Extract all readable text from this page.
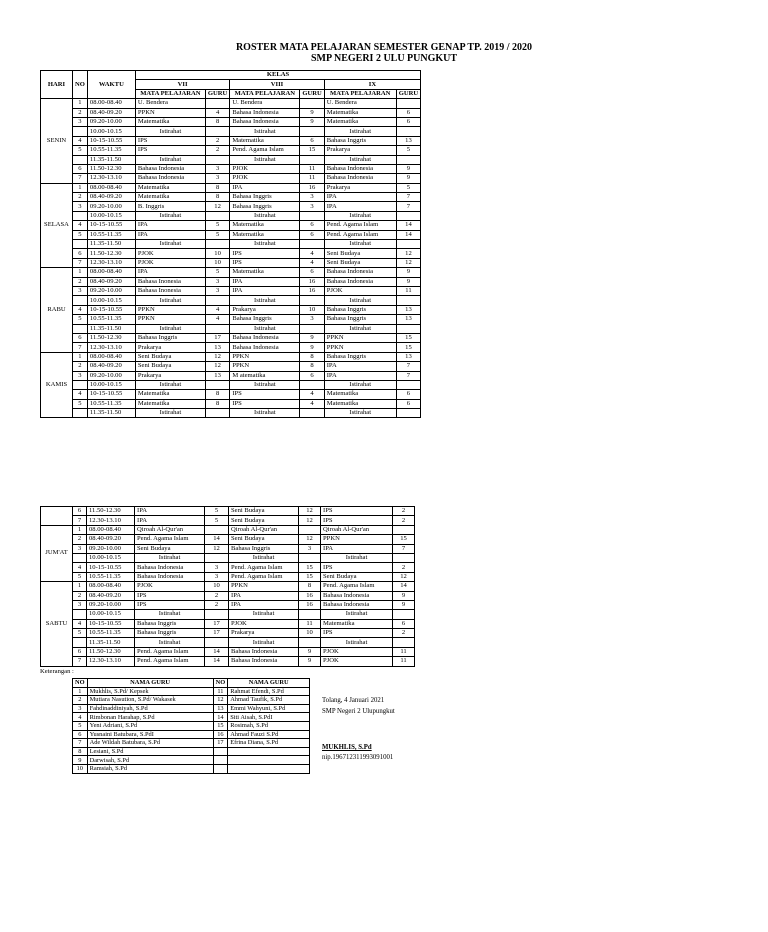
ROSTER MATA PELAJARAN SEMESTER GENAP TP. 2019 / 2020
SMP NEGERI 2 ULU PUNGKUT
HARI	NO	WAKTU	KELAS					
			VII		VIII		IX	
			MATA PELAJARAN	GURU	MATA PELAJARAN	GURU	MATA PELAJARAN	GURU
SENIN	1	08.00-08.40	U. Bendera		U. Bendera		U. Bendera	
	2	08.40-09.20	PPKN	4	Bahasa Indonesia	9	Matematika	6
	3	09.20-10.00	Matematika	8	Bahasa Indonesia	9	Matematika	6
		10.00-10.15	Istirahat		Istirahat		Istirahat	
	4	10-15-10.55	IPS	2	Matematika	6	Bahasa Inggris	13
	5	10.55-11.35	IPS	2	Pend. Agama Islam	15	Prakarya	5
		11.35-11.50	Istirahat		Istirahat		Istirahat	
	6	11.50-12.30	Bahasa Indonesia	3	PJOK	11	Bahasa Indonesia	9
	7	12.30-13.10	Bahasa Indonesia	3	PJOK	11	Bahasa Indonesia	9
SELASA	1	08.00-08.40	Matematika	8	IPA	16	Prakarya	5
	2	08.40-09.20	Matematika	8	Bahasa Inggris	3	IPA	7
	3	09.20-10.00	B. Inggris	12	Bahasa Inggris	3	IPA	7
		10.00-10.15	Istirahat		Istirahat		Istirahat	
	4	10-15-10.55	IPA	5	Matematika	6	Pend. Agama Islam	14
	5	10.55-11.35	IPA	5	Matematika	6	Pend. Agama Islam	14
		11.35-11.50	Istirahat		Istirahat		Istirahat	
	6	11.50-12.30	PJOK	10	IPS	4	Seni Budaya	12
	7	12.30-13.10	PJOK	10	IPS	4	Seni Budaya	12
RABU	1	08.00-08.40	IPA	5	Matematika	6	Bahasa Indonesia	9
	2	08.40-09.20	Bahasa Inonesia	3	IPA	16	Bahasa Indonesia	9
	3	09.20-10.00	Bahasa Inonesia	3	IPA	16	PJOK	11
		10.00-10.15	Istirahat		Istirahat		Istirahat	
	4	10-15-10.55	PPKN	4	Prakarya	10	Bahasa Inggris	13
	5	10.55-11.35	PPKN	4	Bahasa Inggris	3	Bahasa Inggris	13
		11.35-11.50	Istirahat		Istirahat		Istirahat	
	6	11.50-12.30	Bahasa Inggris	17	Bahasa Indonesia	9	PPKN	15
	7	12.30-13.10	Prakarya	13	Bahasa Indonesia	9	PPKN	15
KAMIS	1	08.00-08.40	Seni Budaya	12	PPKN	8	Bahasa Inggris	13
	2	08.40-09.20	Seni Budaya	12	PPKN	8	IPA	7
	3	09.20-10.00	Prakarya	13	M atematika	6	IPA	7
		10.00-10.15	Istirahat		Istirahat		Istirahat	
	4	10-15-10.55	Matematika	8	IPS	4	Matematika	6
	5	10.55-11.35	Matematika	8	IPS	4	Matematika	6
		11.35-11.50	Istirahat		Istirahat		Istirahat	
	6	11.50-12.30	IPA	5	Seni Budaya	12	IPS	2
	7	12.30-13.10	IPA	5	Seni Budaya	12	IPS	2
JUM'AT	1	08.00-08.40	Qiroah Al-Qur'an		Qiroah Al-Qur'an		Qiroah Al-Qur'an	
	2	08.40-09.20	Pend. Agama Islam	14	Seni Budaya	12	PPKN	15
	3	09.20-10.00	Seni Budaya	12	Bahasa Inggris	3	IPA	7
		10.00-10.15	Istirahat		Istirahat		Istirahat	
	4	10-15-10.55	Bahasa Indonesia	3	Pend. Agama Islam	15	IPS	2
	5	10.55-11.35	Bahasa Indonesia	3	Pend. Agama Islam	15	Seni Budaya	12
SABTU	1	08.00-08.40	PJOK	10	PPKN	8	Pend. Agama Islam	14
	2	08.40-09.20	IPS	2	IPA	16	Bahasa Indonesia	9
	3	09.20-10.00	IPS	2	IPA	16	Bahasa Indonesia	9
		10.00-10.15	Istirahat		Istirahat		Istirahat	
	4	10-15-10.55	Bahasa Inggris	17	PJOK	11	Matematika	6
	5	10.55-11.35	Bahasa Inggris	17	Prakarya	10	IPS	2
		11.35-11.50	Istirahat		Istirahat		Istirahat	
	6	11.50-12.30	Pend. Agama Islam	14	Bahasa Indonesia	9	PJOK	11
	7	12.30-13.10	Pend. Agama Islam	14	Bahasa Indonesia	9	PJOK	11
Keterangan :
NO	NAMA GURU	NO	NAMA GURU
1	Mukhlis, S.Pd/ Kepsek	11	Rahmat Efendi, S.Pd
2	Mutiara Nasution, S.Pd/ Wakasek	12	Ahmad Taufik, S.Pd
3	Fahdinaddiniyah, S.Pd	13	Emmi Wahyuni, S.Pd
4	Rimbonan Harahap, S.Pd	14	Siti Aisah, S.PdI
5	Yeni Adriani, S.Pd	15	Rosimah, S.Pd
6	Yusnaini Batubara, S.PdI	16	Ahmad Fauzi S.Pd
7	Ade Wildah Batubara, S.Pd	17	Efrina Diana, S.Pd
8	Lesiani, S.Pd		
9	Darwisah, S.Pd		
10	Ramsiah, S.Pd		
Tolang, 4 Januari 2021
SMP Negeri 2 Ulupungkut
MUKHLIS, S.Pd
nip.196712311993091001
